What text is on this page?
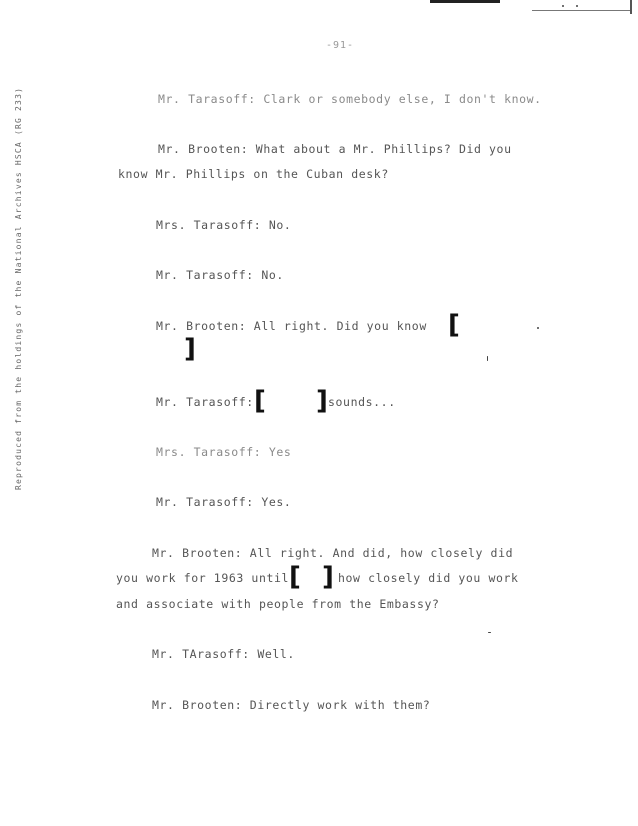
-91-
Reproduced from the holdings of the National Archives HSCA (RG 233)	Mr. Tarasoff: Clark or somebody else, I don't know.
Mr. Brooten: What about a Mr. Phillips? Did you
know Mr. Phillips on the Cuban desk?
Mrs. Tarasoff: No.
Mr. Tarasoff: No.
Mr. Brooten: All right. Did you know [
]
Mr. Tarasoff: [ ] sounds...
Mrs. Tarasoff: Yes
Mr. Tarasoff: Yes.
Mr. Brooten: All right. And did, how closely did
you work for 1963 until [ ] how closely did you work
and associate with people from the Embassy?
Mr. TArasoff: Well.
Mr. Brooten: Directly work with them?
